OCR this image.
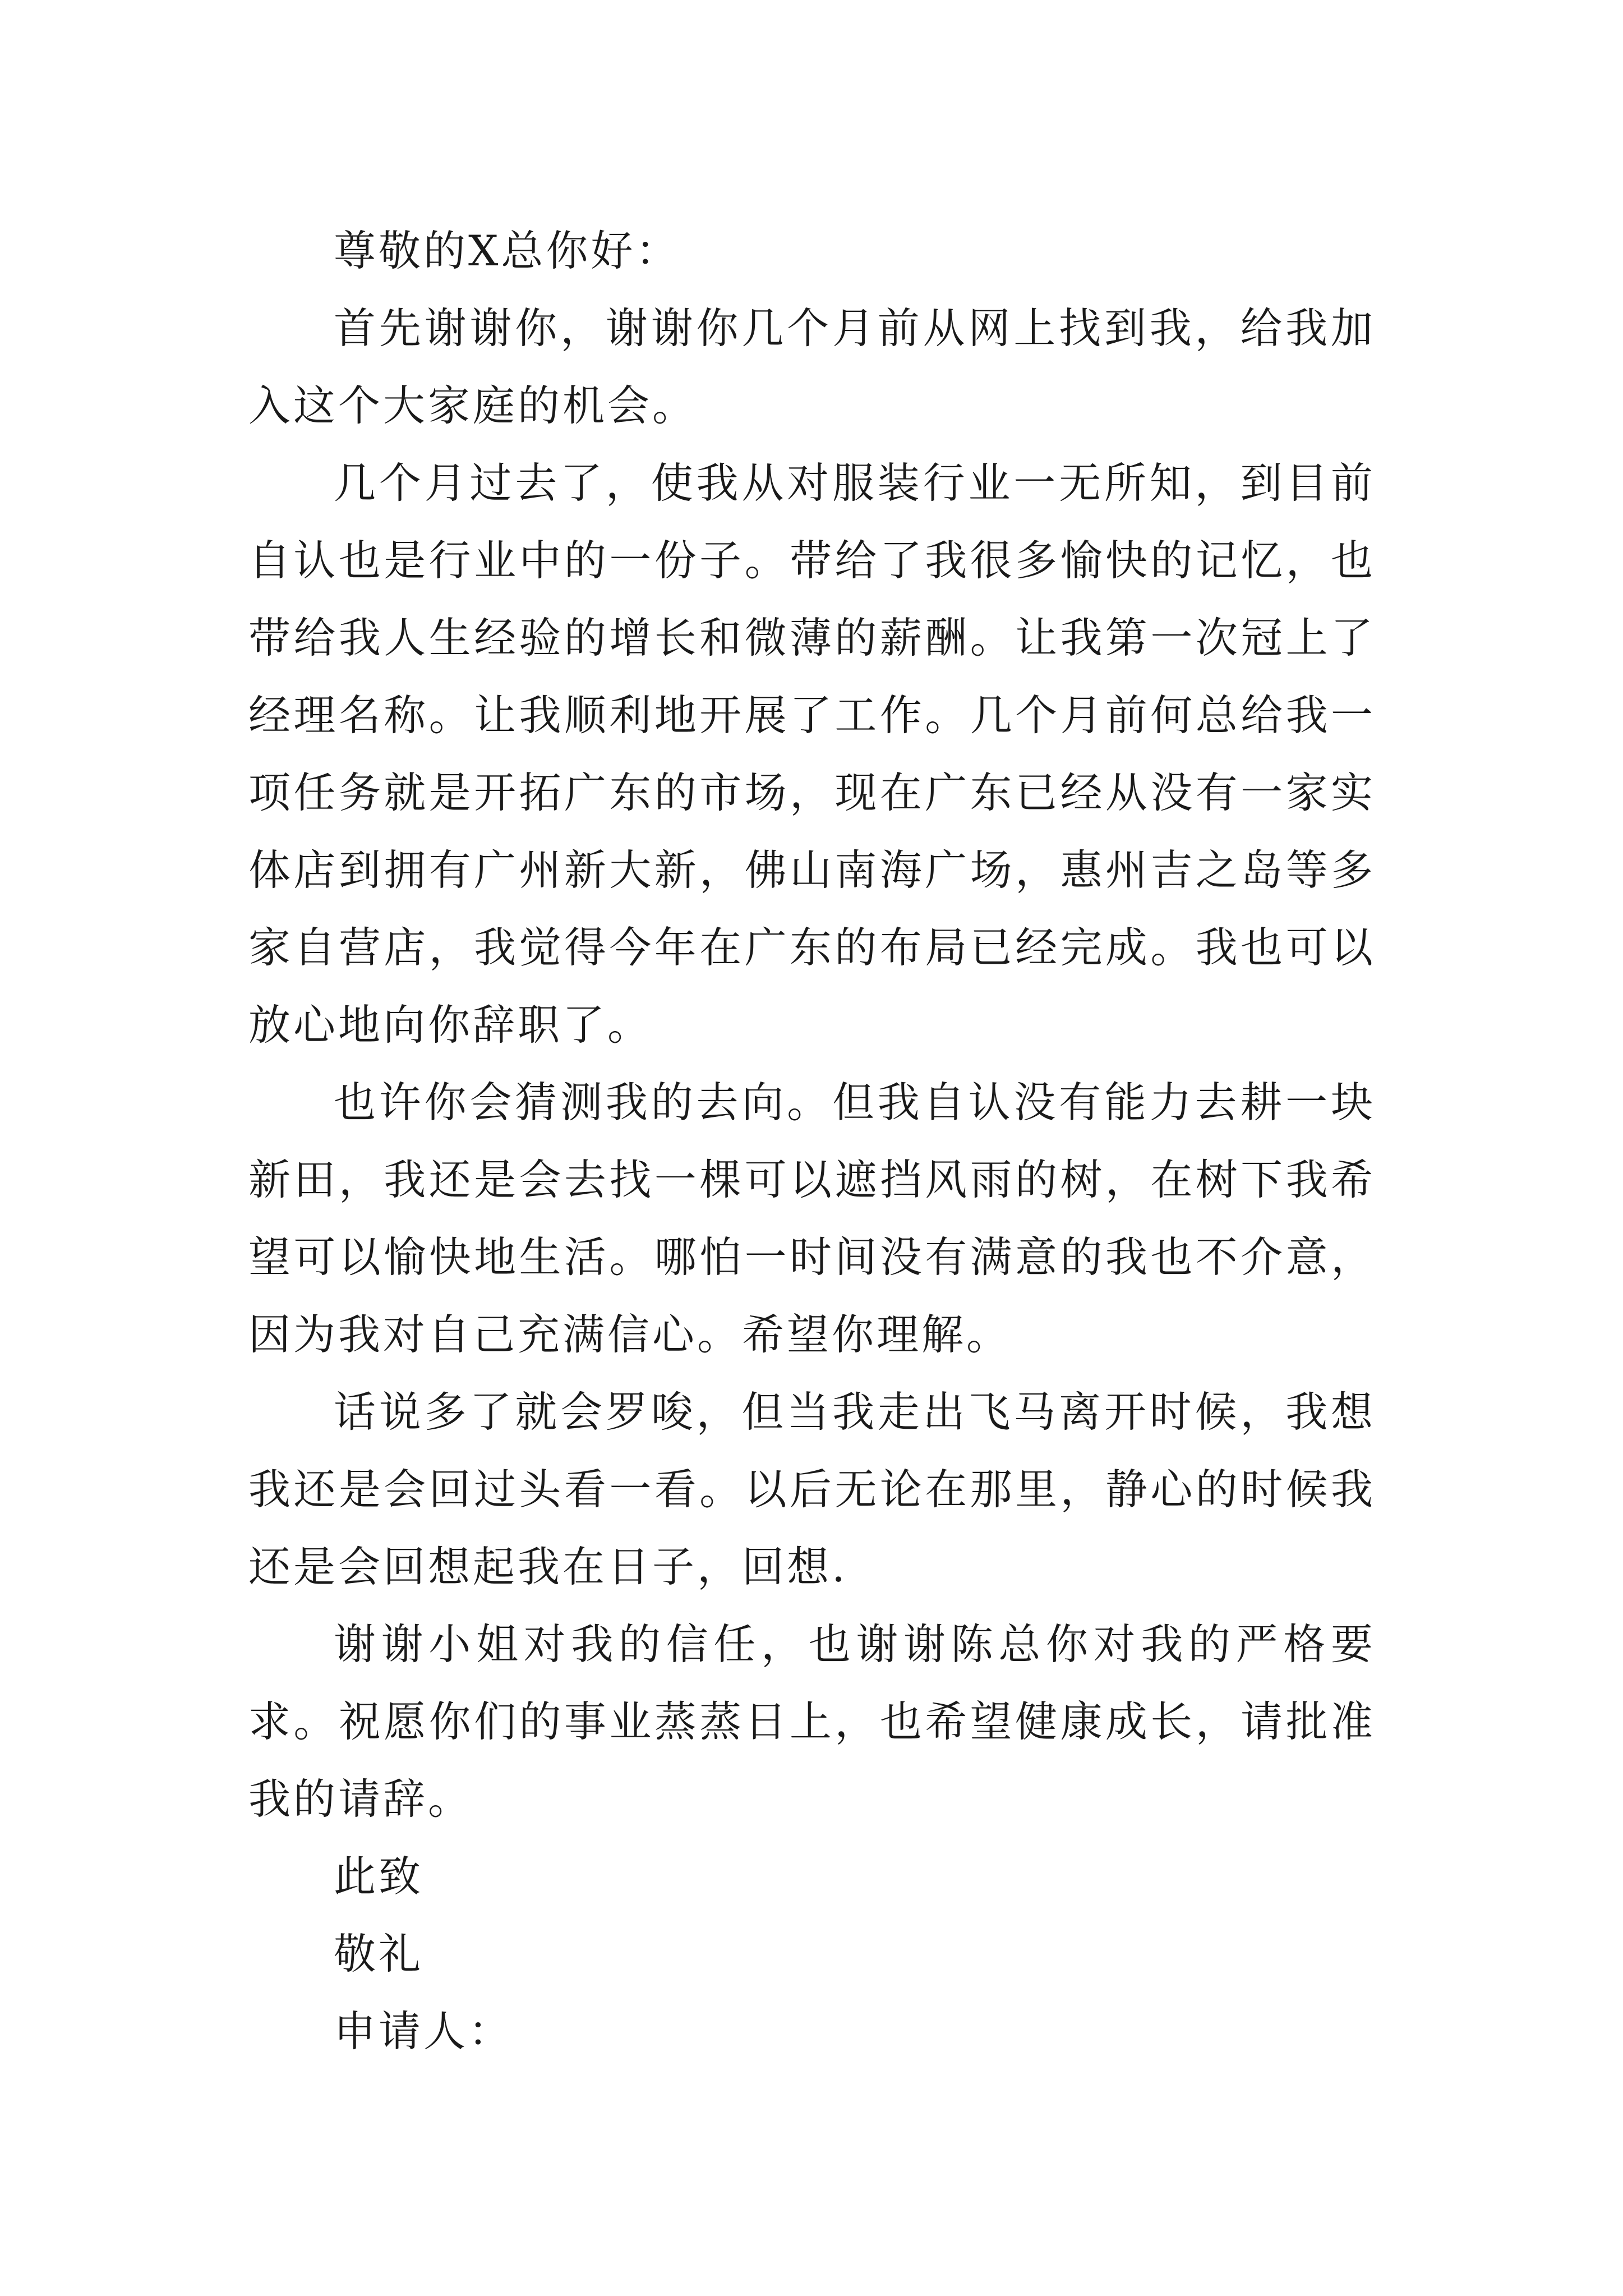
尊敬的X总你好：

首先谢谢你，谢谢你几个月前从网上找到我，给我加入这个大家庭的机会。

几个月过去了，使我从对服装行业一无所知，到目前自认也是行业中的一份子。带给了我很多愉快的记忆，也带给我人生经验的增长和微薄的薪酬。让我第一次冠上了经理名称。让我顺利地开展了工作。几个月前何总给我一项任务就是开拓广东的市场，现在广东已经从没有一家实体店到拥有广州新大新，佛山南海广场，惠州吉之岛等多家自营店，我觉得今年在广东的布局已经完成。我也可以放心地向你辞职了。

也许你会猜测我的去向。但我自认没有能力去耕一块新田，我还是会去找一棵可以遮挡风雨的树，在树下我希望可以愉快地生活。哪怕一时间没有满意的我也不介意，因为我对自己充满信心。希望你理解。

话说多了就会罗唆，但当我走出飞马离开时候，我想我还是会回过头看一看。以后无论在那里，静心的时候我还是会回想起我在日子，回想.

谢谢小姐对我的信任，也谢谢陈总你对我的严格要求。祝愿你们的事业蒸蒸日上，也希望健康成长，请批准我的请辞。

此致

敬礼

申请人：
